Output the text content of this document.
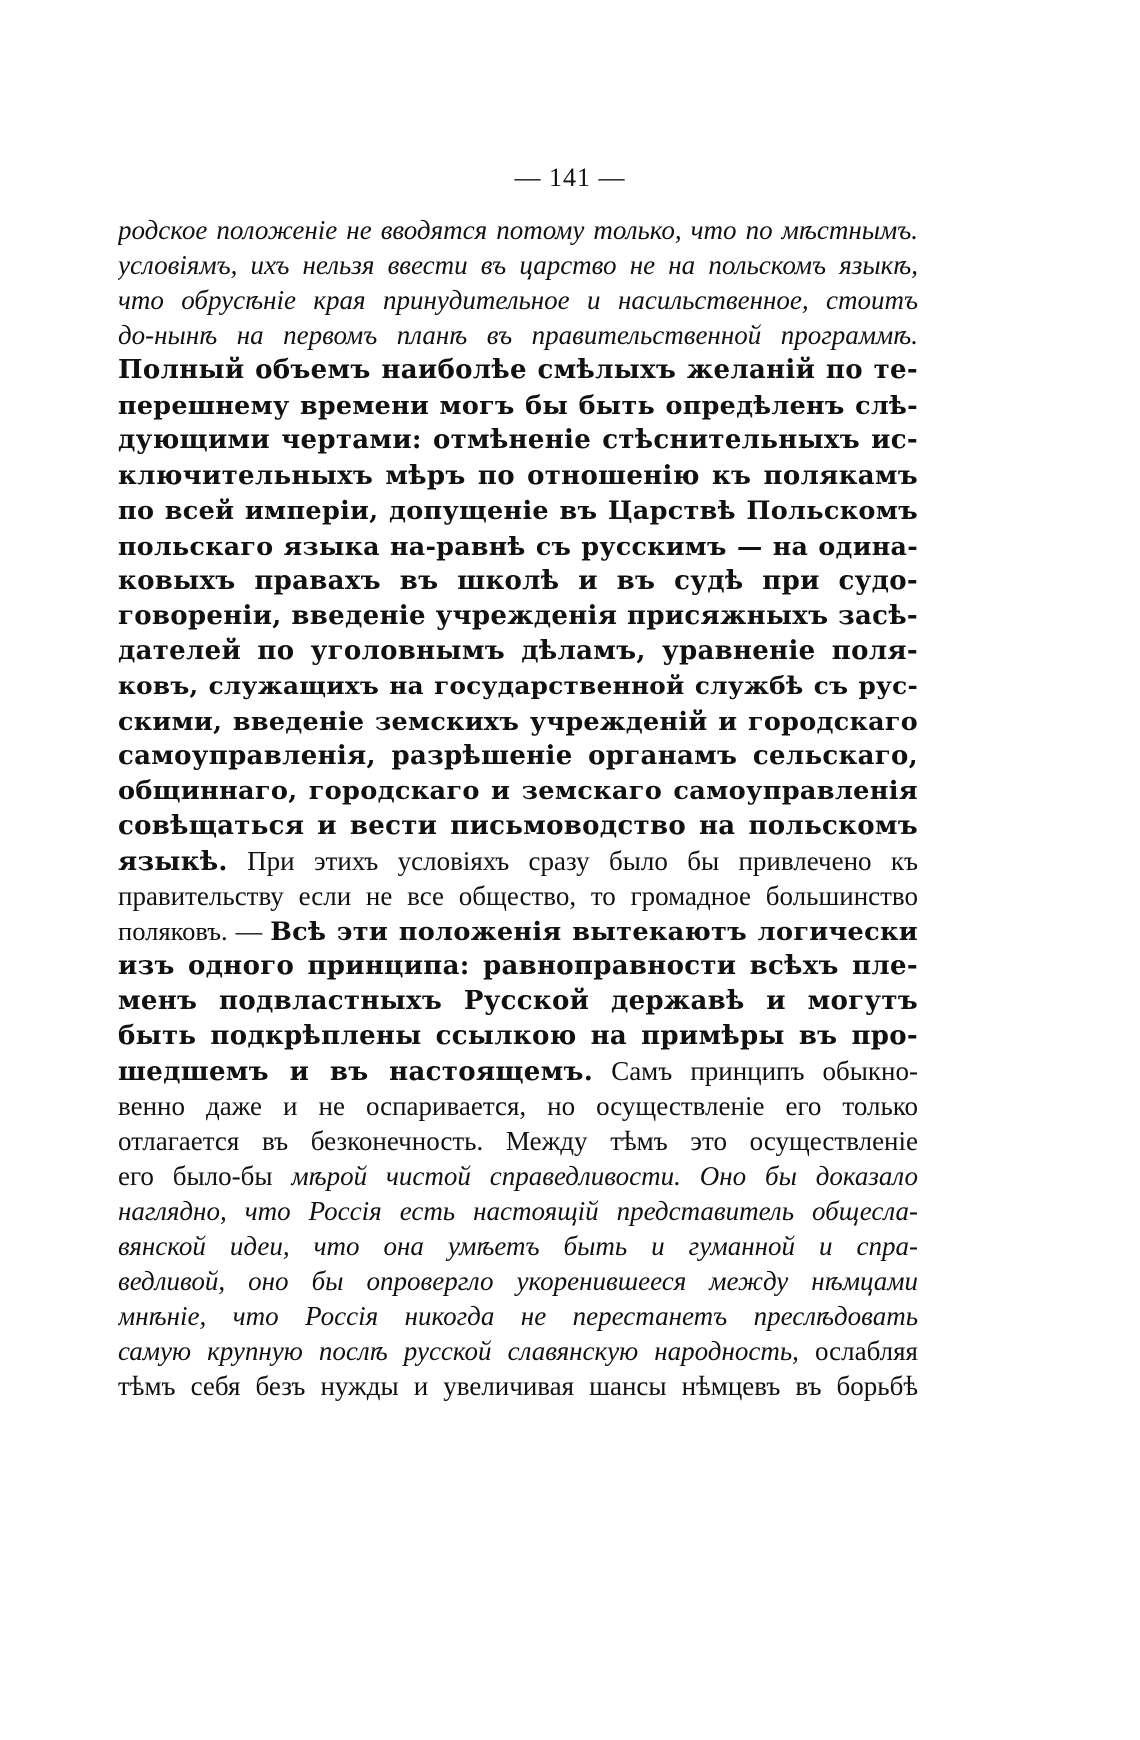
— 141 —
родское положеніе не вводятся потому только, что по мѣстнымъ.
условіямъ, ихъ нельзя ввести въ царство не на польскомъ языкѣ,
что обрусѣніе края принудительное и насильственное, стоитъ
до-нынѣ на первомъ планѣ въ правительственной программѣ.
Полный объемъ наиболѣе смѣлыхъ желаній по те-
перешнему времени могъ бы быть опредѣленъ слѣ-
дующими чертами: отмѣненіе стѣснительныхъ ис-
ключительныхъ мѣръ по отношенію къ полякамъ
по всей имперіи, допущеніе въ Царствѣ Польскомъ
польскаго языка на-равнѣ съ русскимъ — на одина-
ковыхъ правахъ въ школѣ и въ судѣ при судо-
говореніи, введеніе учрежденія присяжныхъ засѣ-
дателей по уголовнымъ дѣламъ, уравненіе поля-
ковъ, служащихъ на государственной службѣ съ рус-
скими, введеніе земскихъ учрежденій и городскаго
самоуправленія, разрѣшеніе органамъ сельскаго,
общиннаго, городскаго и земскаго самоуправленія
совѣщаться и вести письмоводство на польскомъ
языкѣ. При этихъ условіяхъ сразу было бы привлечено къ
правительству если не все общество, то громадное большинство
поляковъ. — Всѣ эти положенія вытекаютъ логически
изъ одного принципа: равноправности всѣхъ пле-
менъ подвластныхъ Русской державѣ и могутъ
быть подкрѣплены ссылкою на примѣры въ про-
шедшемъ и въ настоящемъ. Самъ принципъ обыкно-
венно даже и не оспаривается, но осуществленіе его только
отлагается въ безконечность. Между тѣмъ это осуществленіе
его было-бы мѣрой чистой справедливости. Оно бы доказало
наглядно, что Россія есть настоящій представитель общесла-
вянской идеи, что она умѣетъ быть и гуманной и спра-
ведливой, оно бы опровергло укоренившееся между нѣмцами
мнѣніе, что Россія никогда не перестанетъ преслѣдовать
самую крупную послѣ русской славянскую народность, ослабляя
тѣмъ себя безъ нужды и увеличивая шансы нѣмцевъ въ борьбѣ
